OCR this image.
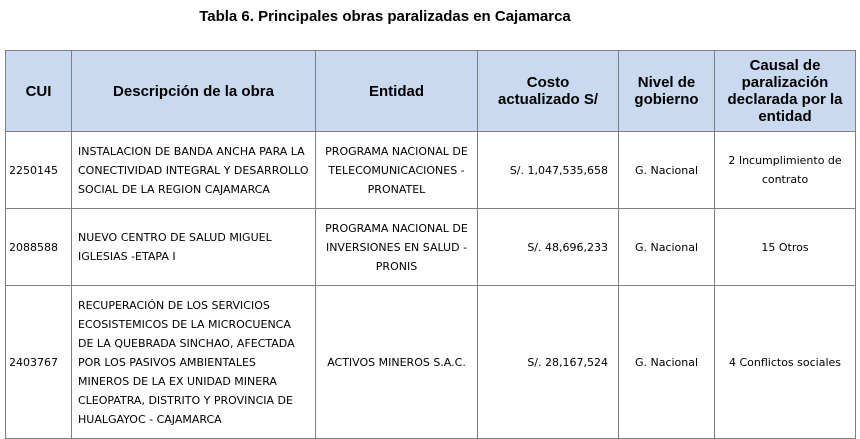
Tabla 6. Principales obras paralizadas en Cajamarca
CUI	Descripción de la obra	Entidad	Costo actualizado S/	Nivel de gobierno	Causal de paralización declarada por la entidad
2250145	INSTALACION DE BANDA ANCHA PARA LA CONECTIVIDAD INTEGRAL Y DESARROLLO SOCIAL DE LA REGION CAJAMARCA	PROGRAMA NACIONAL DE TELECOMUNICACIONES - PRONATEL	S/. 1,047,535,658	G. Nacional	2 Incumplimiento de contrato
2088588	NUEVO CENTRO DE SALUD MIGUEL IGLESIAS -ETAPA I	PROGRAMA NACIONAL DE INVERSIONES EN SALUD - PRONIS	S/. 48,696,233	G. Nacional	15 Otros
2403767	RECUPERACIÓN DE LOS SERVICIOS ECOSISTEMICOS DE LA MICROCUENCA DE LA QUEBRADA SINCHAO, AFECTADA POR LOS PASIVOS AMBIENTALES MINEROS DE LA EX UNIDAD MINERA CLEOPATRA, DISTRITO Y PROVINCIA DE HUALGAYOC - CAJAMARCA	ACTIVOS MINEROS S.A.C.	S/. 28,167,524	G. Nacional	4 Conflictos sociales
